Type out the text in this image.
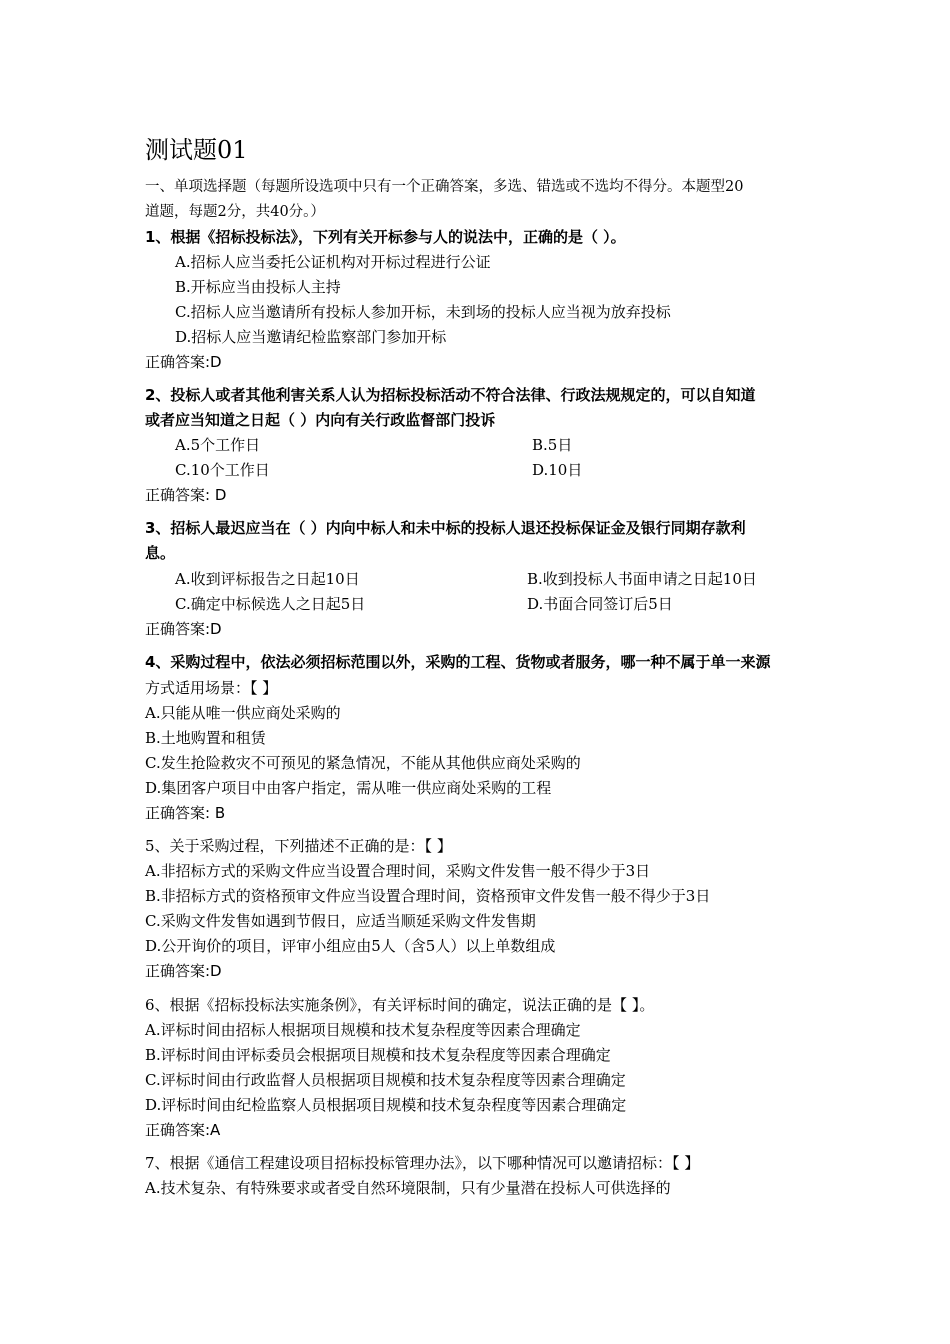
测试题01
一、单项选择题（每题所设选项中只有一个正确答案，多选、错选或不选均不得分。本题型20
道题，每题2分，共40分。）
1、根据《招标投标法》，下列有关开标参与人的说法中，正确的是（ ）。
A.招标人应当委托公证机构对开标过程进行公证
B.开标应当由投标人主持
C.招标人应当邀请所有投标人参加开标，未到场的投标人应当视为放弃投标
D.招标人应当邀请纪检监察部门参加开标
正确答案:D
2、投标人或者其他利害关系人认为招标投标活动不符合法律、行政法规规定的，可以自知道
或者应当知道之日起（ ）内向有关行政监督部门投诉
A.5个工作日	B.5日
C.10个工作日	D.10日
正确答案: D
3、招标人最迟应当在（ ）内向中标人和未中标的投标人退还投标保证金及银行同期存款利
息。
A.收到评标报告之日起10日	B.收到投标人书面申请之日起10日
C.确定中标候选人之日起5日	D.书面合同签订后5日
正确答案:D
4、采购过程中，依法必须招标范围以外，采购的工程、货物或者服务，哪一种不属于单一来源
方式适用场景：【 】
A.只能从唯一供应商处采购的
B.土地购置和租赁
C.发生抢险救灾不可预见的紧急情况，不能从其他供应商处采购的
D.集团客户项目中由客户指定，需从唯一供应商处采购的工程
正确答案: B
5、关于采购过程，下列描述不正确的是：【 】
A.非招标方式的采购文件应当设置合理时间，采购文件发售一般不得少于3日
B.非招标方式的资格预审文件应当设置合理时间，资格预审文件发售一般不得少于3日
C.采购文件发售如遇到节假日，应适当顺延采购文件发售期
D.公开询价的项目，评审小组应由5人（含5人）以上单数组成
正确答案:D
6、根据《招标投标法实施条例》，有关评标时间的确定，说法正确的是【 】。
A.评标时间由招标人根据项目规模和技术复杂程度等因素合理确定
B.评标时间由评标委员会根据项目规模和技术复杂程度等因素合理确定
C.评标时间由行政监督人员根据项目规模和技术复杂程度等因素合理确定
D.评标时间由纪检监察人员根据项目规模和技术复杂程度等因素合理确定
正确答案:A
7、根据《通信工程建设项目招标投标管理办法》，以下哪种情况可以邀请招标：【 】
A.技术复杂、有特殊要求或者受自然环境限制，只有少量潜在投标人可供选择的
